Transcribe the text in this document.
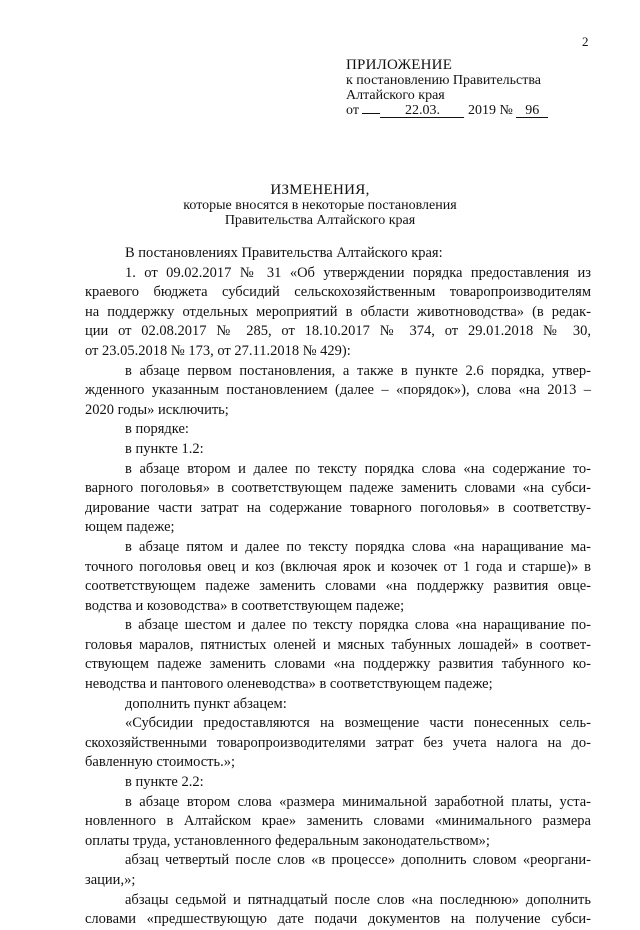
2
ПРИЛОЖЕНИЕ
к постановлению Правительства
Алтайского края
от	22.03. 2019 № 96
ИЗМЕНЕНИЯ,
которые вносятся в некоторые постановления
Правительства Алтайского края
В постановлениях Правительства Алтайского края:
1. от 09.02.2017 № 31 «Об утверждении порядка предоставления из
краевого бюджета субсидий сельскохозяйственным товаропроизводителям
на поддержку отдельных мероприятий в области животноводства» (в редак-
ции от 02.08.2017 № 285, от 18.10.2017 № 374, от 29.01.2018 № 30,
от 23.05.2018 № 173, от 27.11.2018 № 429):
в абзаце первом постановления, а также в пункте 2.6 порядка, утвер-
жденного указанным постановлением (далее – «порядок»), слова «на 2013 –
2020 годы» исключить;
в порядке:
в пункте 1.2:
в абзаце втором и далее по тексту порядка слова «на содержание то-
варного поголовья» в соответствующем падеже заменить словами «на субси-
дирование части затрат на содержание товарного поголовья» в соответству-
ющем падеже;
в абзаце пятом и далее по тексту порядка слова «на наращивание ма-
точного поголовья овец и коз (включая ярок и козочек от 1 года и старше)» в
соответствующем падеже заменить словами «на поддержку развития овце-
водства и козоводства» в соответствующем падеже;
в абзаце шестом и далее по тексту порядка слова «на наращивание по-
головья маралов, пятнистых оленей и мясных табунных лошадей» в соответ-
ствующем падеже заменить словами «на поддержку развития табунного ко-
неводства и пантового оленеводства» в соответствующем падеже;
дополнить пункт абзацем:
«Субсидии предоставляются на возмещение части понесенных сель-
скохозяйственными товаропроизводителями затрат без учета налога на до-
бавленную стоимость.»;
в пункте 2.2:
в абзаце втором слова «размера минимальной заработной платы, уста-
новленного в Алтайском крае» заменить словами «минимального размера
оплаты труда, установленного федеральным законодательством»;
абзац четвертый после слов «в процессе» дополнить словом «реоргани-
зации,»;
абзацы седьмой и пятнадцатый после слов «на последнюю» дополнить
словами «предшествующую дате подачи документов на получение субси-
